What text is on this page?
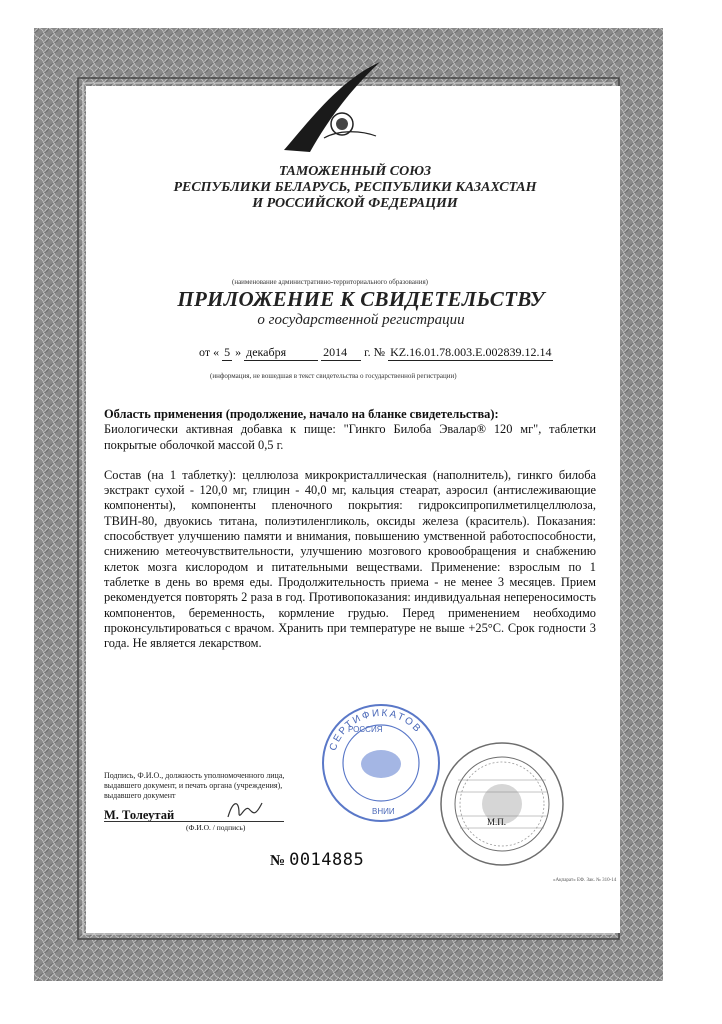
ТАМОЖЕННЫЙ СОЮЗ
РЕСПУБЛИКИ БЕЛАРУСЬ, РЕСПУБЛИКИ КАЗАХСТАН
И РОССИЙСКОЙ ФЕДЕРАЦИИ
(наименование административно-территориального образования)
ПРИЛОЖЕНИЕ К СВИДЕТЕЛЬСТВУ
о государственной регистрации
от « 5 » декабря	2014 г. № KZ.16.01.78.003.Е.002839.12.14
(информация, не вошедшая в текст свидетельства о государственной регистрации)

Область применения (продолжение, начало на бланке свидетельства):
Биологически активная добавка к пище: "Гинкго Билоба Эвалар® 120 мг", таблетки покрытые оболочкой массой 0,5 г.

Состав (на 1 таблетку): целлюлоза микрокристаллическая (наполнитель), гинкго билоба экстракт сухой - 120,0 мг, глицин - 40,0 мг, кальция стеарат, аэросил (антислеживающие компоненты), компоненты пленочного покрытия: гидроксипропилметилцеллюлоза, ТВИН-80, двуокись титана, полиэтиленгликоль, оксиды железа (краситель). Показания: способствует улучшению памяти и внимания, повышению умственной работоспособности, снижению метеочувствительности, улучшению мозгового кровообращения и снабжению клеток мозга кислородом и питательными веществами. Применение: взрослым по 1 таблетке в день во время еды. Продолжительность приема - не менее 3 месяцев. Прием рекомендуется повторять 2 раза в год. Противопоказания: индивидуальная непереносимость компонентов, беременность, кормление грудью. Перед применением необходимо проконсультироваться с врачом. Хранить при температуре не выше +25°С. Срок годности 3 года. Не является лекарством.

СЕРТИФИКАТОВ
РОССИЯ
ВНИИ
М.П.
Подпись, Ф.И.О., должность уполномоченного лица,
выдавшего документ, и печать органа (учреждения),
выдавшего документ
М. Толеутай
(Ф.И.О. / подпись)
№ 0014885
«Ақпарат» ЕФ. Зак. № 310-14
